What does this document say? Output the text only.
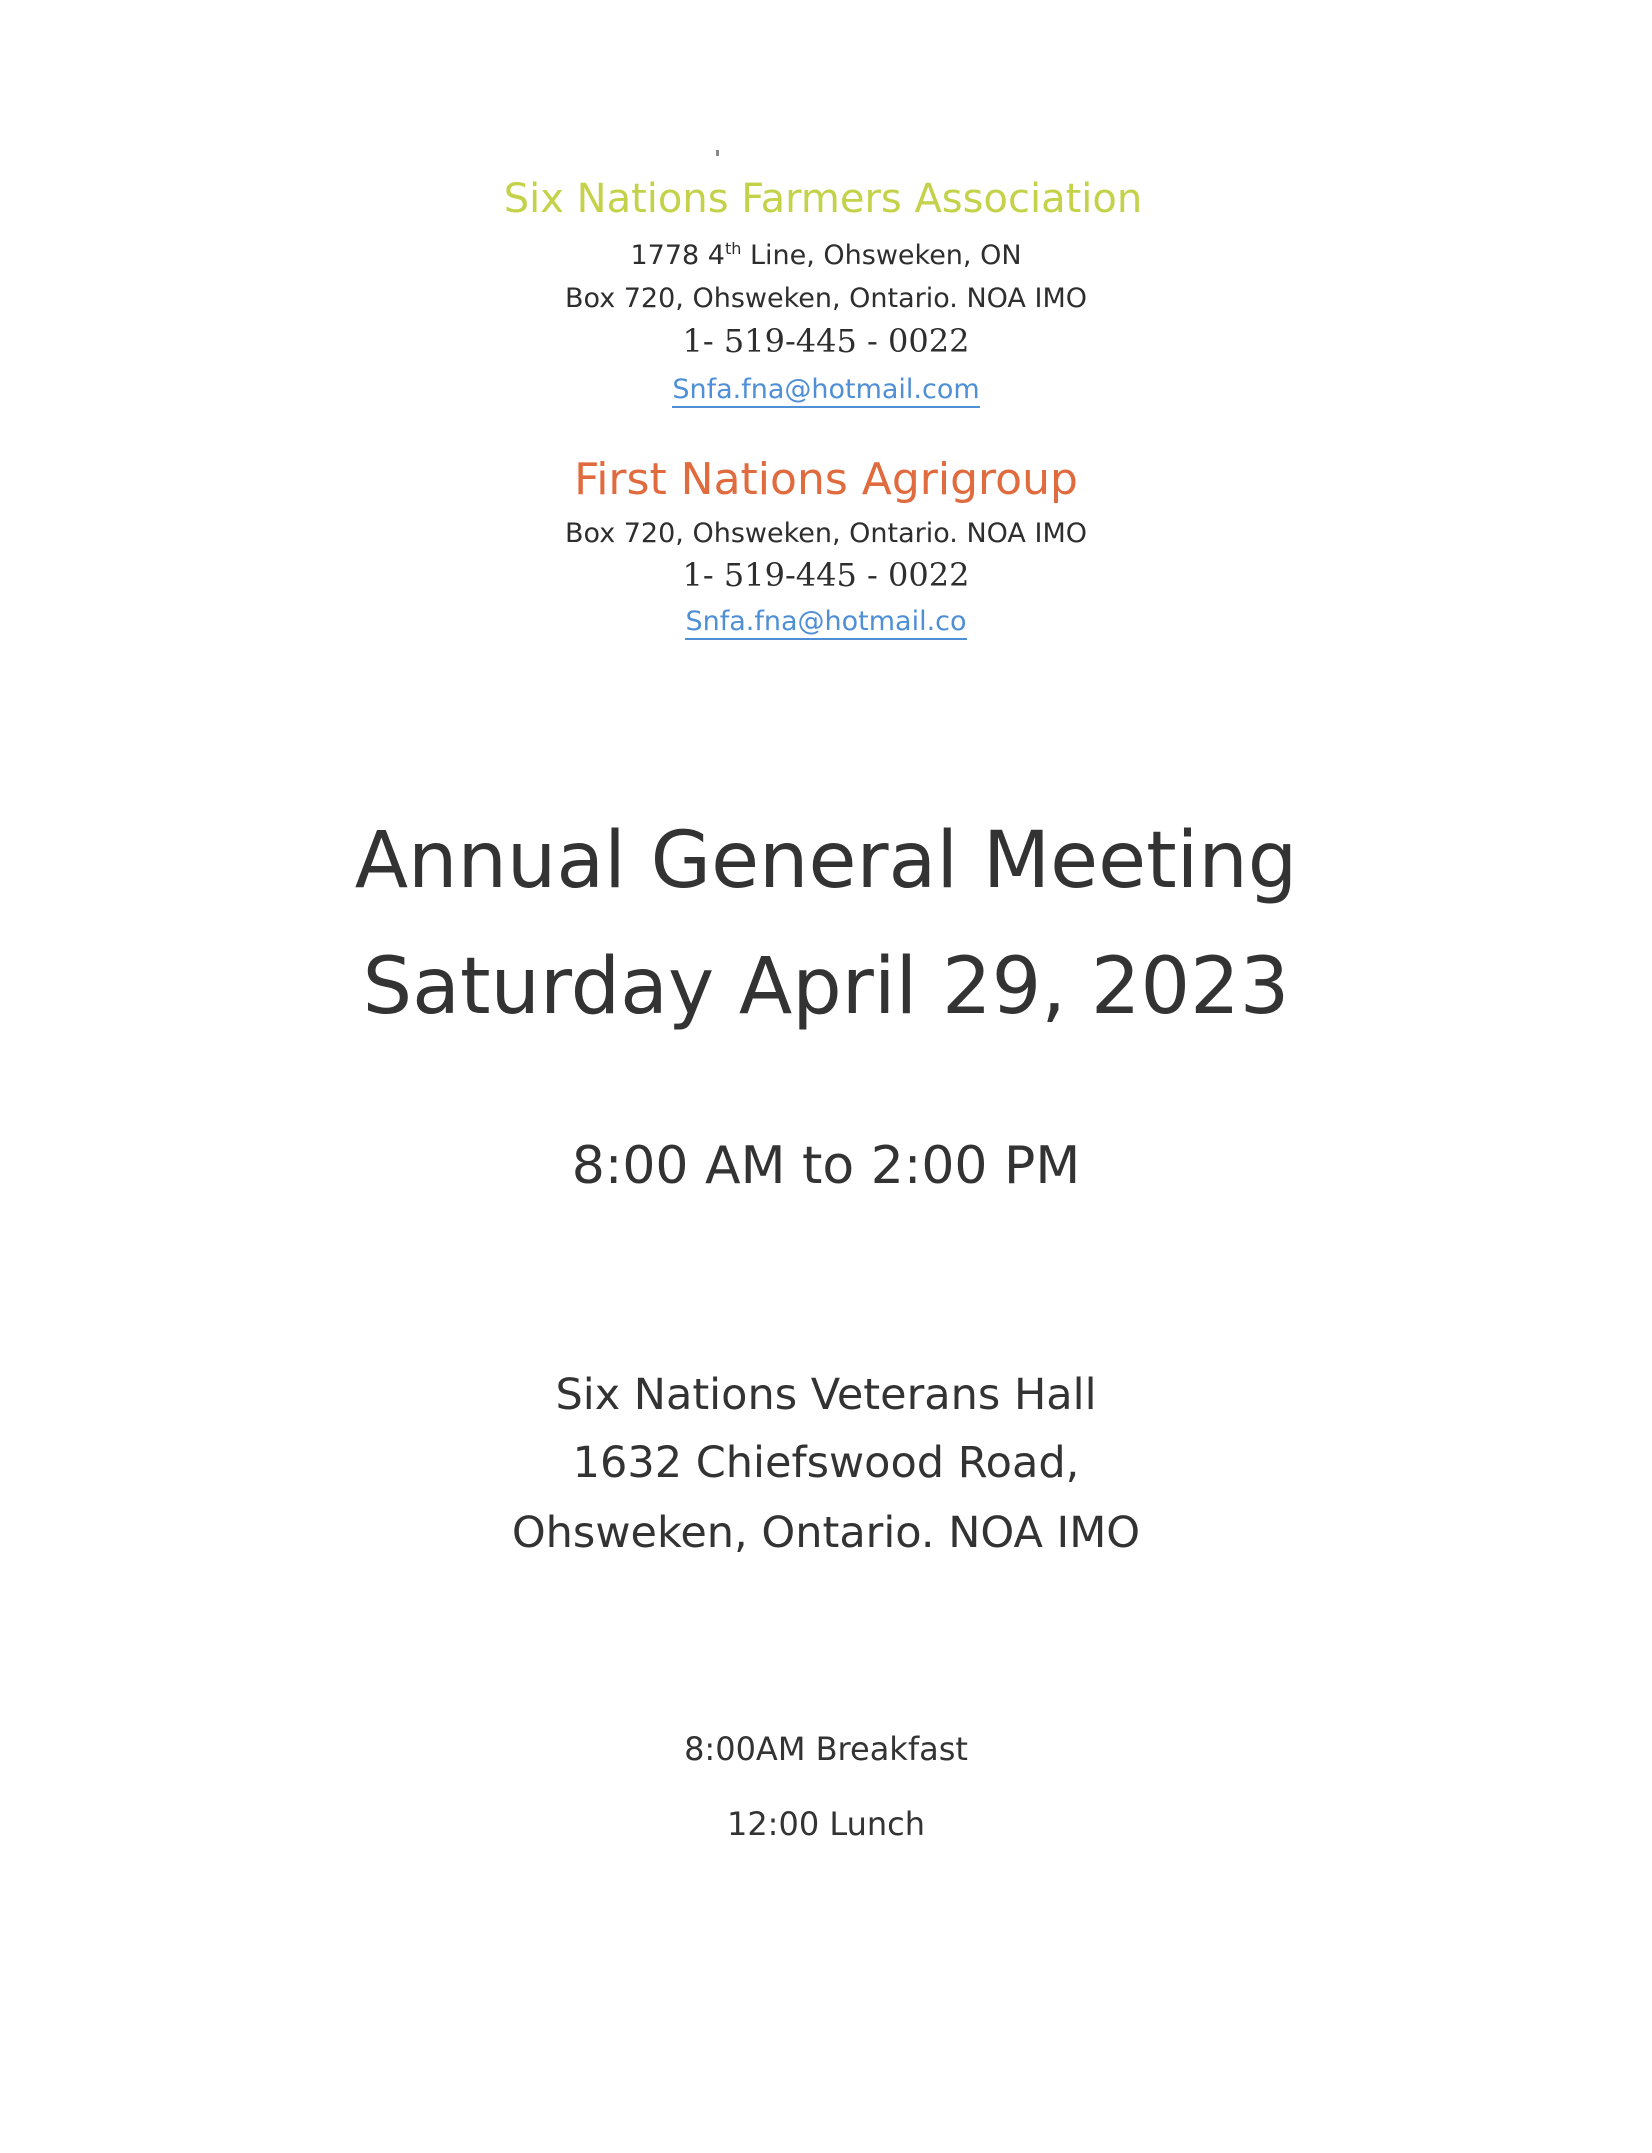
Six Nations Farmers Association
1778 4th Line, Ohsweken, ON
Box 720, Ohsweken, Ontario. NOA IMO
1- 519-445 - 0022
Snfa.fna@hotmail.com
First Nations Agrigroup
Box 720, Ohsweken, Ontario. NOA IMO
1- 519-445 - 0022
Snfa.fna@hotmail.co
Annual General Meeting
Saturday April 29, 2023
8:00 AM to 2:00 PM
Six Nations Veterans Hall
1632 Chiefswood Road,
Ohsweken, Ontario. NOA IMO
8:00AM Breakfast
12:00 Lunch
